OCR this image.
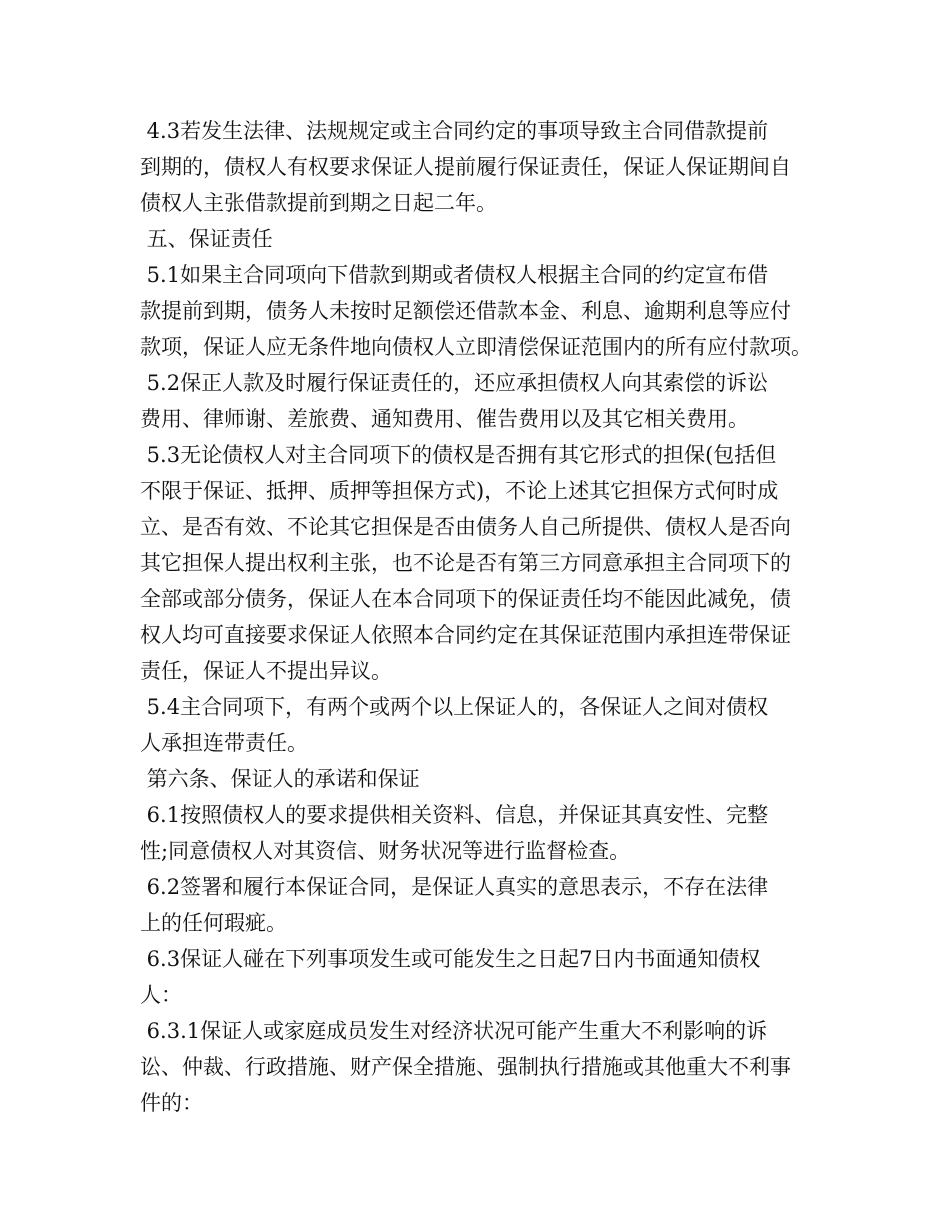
4.3若发生法律、法规规定或主合同约定的事项导致主合同借款提前
到期的，债权人有权要求保证人提前履行保证责任，保证人保证期间自
债权人主张借款提前到期之日起二年。
五、保证责任
5.1如果主合同项向下借款到期或者债权人根据主合同的约定宣布借
款提前到期，债务人未按时足额偿还借款本金、利息、逾期利息等应付
款项，保证人应无条件地向债权人立即清偿保证范围内的所有应付款项。
5.2保正人款及时履行保证责任的，还应承担债权人向其索偿的诉讼
费用、律师谢、差旅费、通知费用、催告费用以及其它相关费用。
5.3无论债权人对主合同项下的债权是否拥有其它形式的担保(包括但
不限于保证、抵押、质押等担保方式)，不论上述其它担保方式何时成
立、是否有效、不论其它担保是否由债务人自己所提供、债权人是否向
其它担保人提出权利主张，也不论是否有第三方同意承担主合同项下的
全部或部分债务，保证人在本合同项下的保证责任均不能因此减免，债
权人均可直接要求保证人依照本合同约定在其保证范围内承担连带保证
责任，保证人不提出异议。
5.4主合同项下，有两个或两个以上保证人的，各保证人之间对债权
人承担连带责任。
第六条、保证人的承诺和保证
6.1按照债权人的要求提供相关资料、信息，并保证其真安性、完整
性;同意债权人对其资信、财务状况等进行监督检查。
6.2签署和履行本保证合同，是保证人真实的意思表示，不存在法律
上的任何瑕疵。
6.3保证人碰在下列事项发生或可能发生之日起7日内书面通知债权
人：
6.3.1保证人或家庭成员发生对经济状况可能产生重大不利影响的诉
讼、仲裁、行政措施、财产保全措施、强制执行措施或其他重大不利事
件的：
